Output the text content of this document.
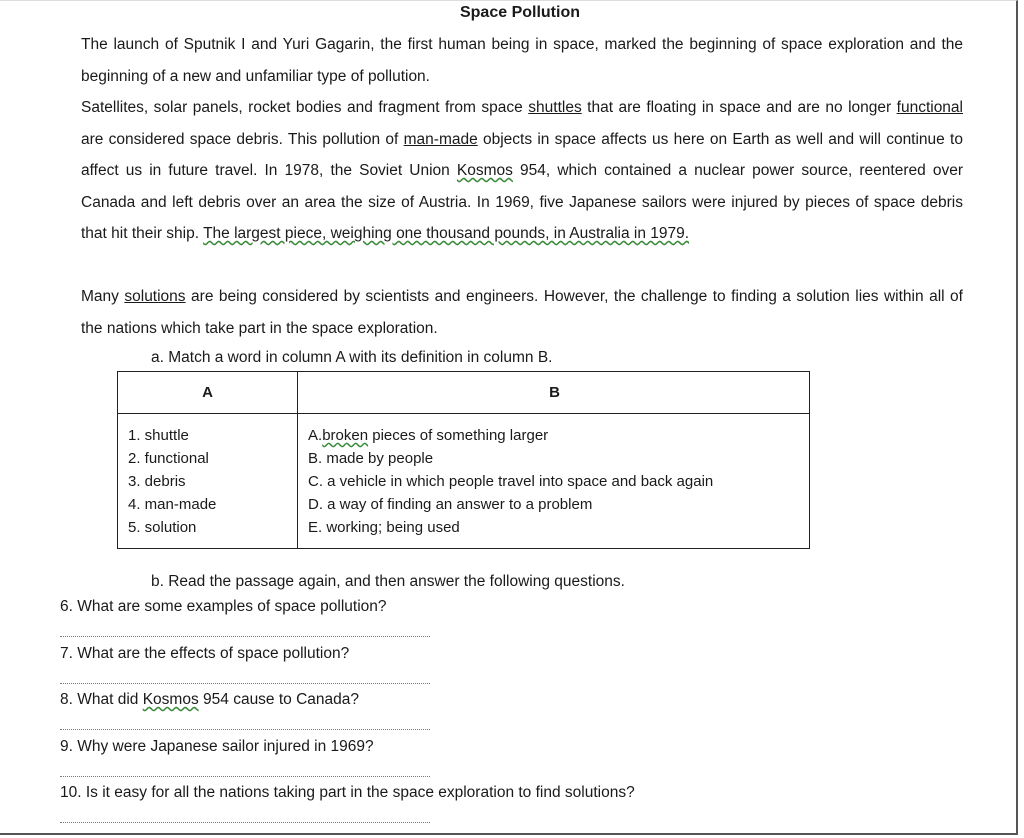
Space Pollution
The launch of Sputnik I and Yuri Gagarin, the first human being in space, marked the beginning of space exploration and the beginning of a new and unfamiliar type of pollution.
Satellites, solar panels, rocket bodies and fragment from space shuttles that are floating in space and are no longer functional are considered space debris. This pollution of man-made objects in space affects us here on Earth as well and will continue to affect us in future travel. In 1978, the Soviet Union Kosmos 954, which contained a nuclear power source, reentered over Canada and left debris over an area the size of Austria. In 1969, five Japanese sailors were injured by pieces of space debris that hit their ship. The largest piece, weighing one thousand pounds, in Australia in 1979.
Many solutions are being considered by scientists and engineers. However, the challenge to finding a solution lies within all of the nations which take part in the space exploration.
a. Match a word in column A with its definition in column B.
A	B
1. shuttle
2. functional
3. debris
4. man-made
5. solution
A.broken pieces of something larger
B. made by people
C. a vehicle in which people travel into space and back again
D. a way of finding an answer to a problem
E. working; being used
b. Read the passage again, and then answer the following questions.
6. What are some examples of space pollution?
7. What are the effects of space pollution?
8. What did Kosmos 954 cause to Canada?
9. Why were Japanese sailor injured in 1969?
10. Is it easy for all the nations taking part in the space exploration to find solutions?
